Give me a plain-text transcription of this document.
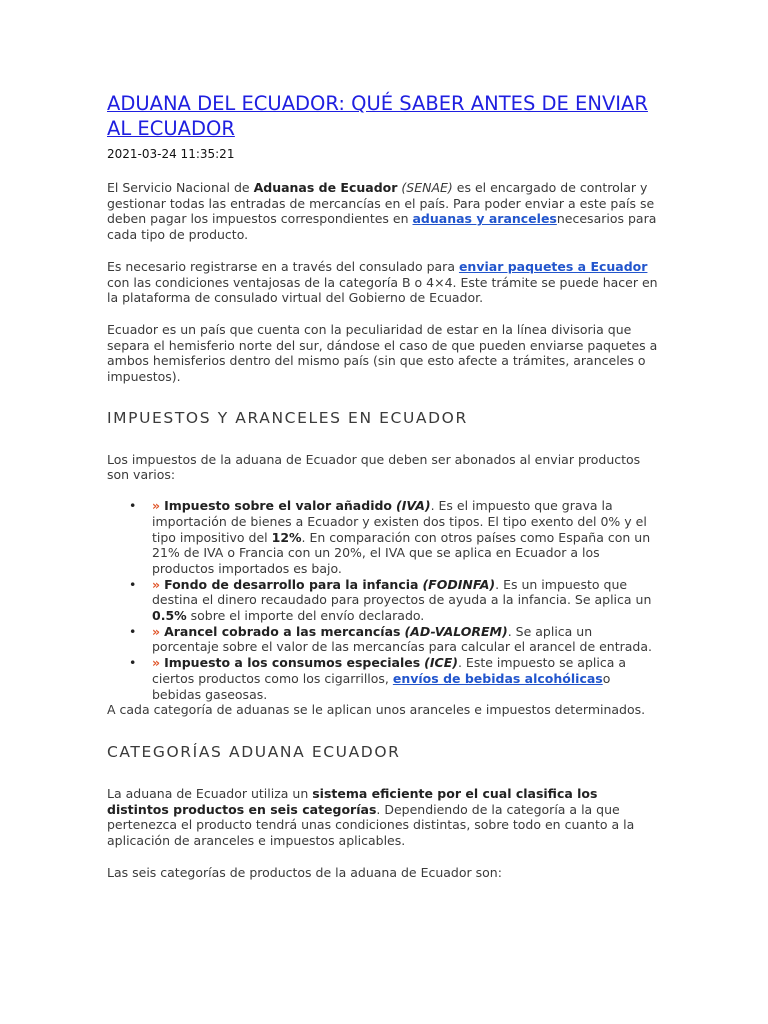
ADUANA DEL ECUADOR: QUÉ SABER ANTES DE ENVIAR AL ECUADOR
2021-03-24 11:35:21

El Servicio Nacional de Aduanas de Ecuador (SENAE) es el encargado de controlar y gestionar todas las entradas de mercancías en el país. Para poder enviar a este país se deben pagar los impuestos correspondientes en aduanas y arancelesnecesarios para cada tipo de producto.

Es necesario registrarse en a través del consulado para enviar paquetes a Ecuador con las condiciones ventajosas de la categoría B o 4×4. Este trámite se puede hacer en la plataforma de consulado virtual del Gobierno de Ecuador.

Ecuador es un país que cuenta con la peculiaridad de estar en la línea divisoria que separa el hemisferio norte del sur, dándose el caso de que pueden enviarse paquetes a ambos hemisferios dentro del mismo país (sin que esto afecte a trámites, aranceles o impuestos).

IMPUESTOS Y ARANCELES EN ECUADOR

Los impuestos de la aduana de Ecuador que deben ser abonados al enviar productos son varios:

• » Impuesto sobre el valor añadido (IVA). Es el impuesto que grava la importación de bienes a Ecuador y existen dos tipos. El tipo exento del 0% y el tipo impositivo del 12%. En comparación con otros países como España con un 21% de IVA o Francia con un 20%, el IVA que se aplica en Ecuador a los productos importados es bajo.
• » Fondo de desarrollo para la infancia (FODINFA). Es un impuesto que destina el dinero recaudado para proyectos de ayuda a la infancia. Se aplica un 0.5% sobre el importe del envío declarado.
• » Arancel cobrado a las mercancías (AD-VALOREM). Se aplica un porcentaje sobre el valor de las mercancías para calcular el arancel de entrada.
• » Impuesto a los consumos especiales (ICE). Este impuesto se aplica a ciertos productos como los cigarrillos, envíos de bebidas alcohólicaso bebidas gaseosas.

A cada categoría de aduanas se le aplican unos aranceles e impuestos determinados.

CATEGORÍAS ADUANA ECUADOR

La aduana de Ecuador utiliza un sistema eficiente por el cual clasifica los distintos productos en seis categorías. Dependiendo de la categoría a la que pertenezca el producto tendrá unas condiciones distintas, sobre todo en cuanto a la aplicación de aranceles e impuestos aplicables.

Las seis categorías de productos de la aduana de Ecuador son:
